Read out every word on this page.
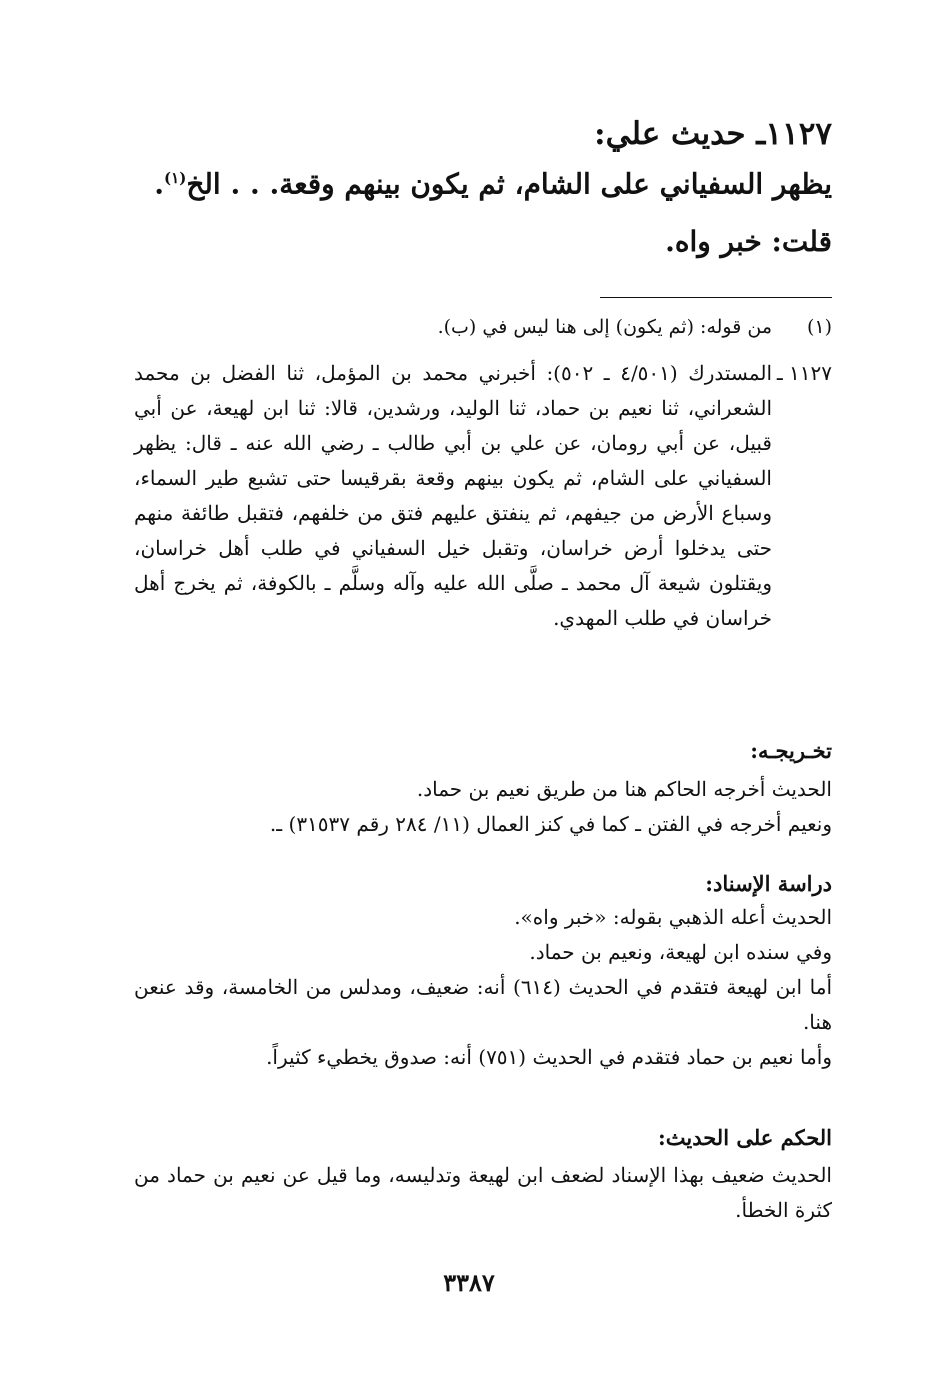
١١٢٧ـ حديث علي:
يظهر السفياني على الشام، ثم يكون بينهم وقعة. . . الخ$^{(١)}$.
قلت: خبر واه.
(١)
من قوله: (ثم يكون) إلى هنا ليس في (ب).

١١٢٧ ـالمستدرك (٤/٥٠١ ـ ٥٠٢): أخبرني محمد بن المؤمل، ثنا الفضل بن محمد الشعراني، ثنا نعيم بن حماد، ثنا الوليد، ورشدين، قالا: ثنا ابن لهيعة، عن أبي قبيل، عن أبي رومان، عن علي بن أبي طالب ـ رضي الله عنه ـ قال: يظهر السفياني على الشام، ثم يكون بينهم وقعة بقرقيسا حتى تشبع طير السماء، وسباع الأرض من جيفهم، ثم ينفتق عليهم فتق من خلفهم، فتقبل طائفة منهم حتى يدخلوا أرض خراسان، وتقبل خيل السفياني في طلب أهل خراسان، ويقتلون شيعة آل محمد ـ صلَّى الله عليه وآله وسلَّم ـ بالكوفة، ثم يخرج أهل خراسان في طلب المهدي.

تخـريجـه:

الحديث أخرجه الحاكم هنا من طريق نعيم بن حماد.

ونعيم أخرجه في الفتن ـ كما في كنز العمال (١١/ ٢٨٤ رقم ٣١٥٣٧) ـ.

دراسة الإسناد:

الحديث أعله الذهبي بقوله: «خبر واه».

وفي سنده ابن لهيعة، ونعيم بن حماد.

أما ابن لهيعة فتقدم في الحديث (٦١٤) أنه: ضعيف، ومدلس من الخامسة، وقد عنعن هنا.

وأما نعيم بن حماد فتقدم في الحديث (٧٥١) أنه: صدوق يخطيء كثيراً.

الحكم على الحديث:
الحديث ضعيف بهذا الإسناد لضعف ابن لهيعة وتدليسه، وما قيل عن نعيم بن حماد من كثرة الخطأ.
٣٣٨٧
